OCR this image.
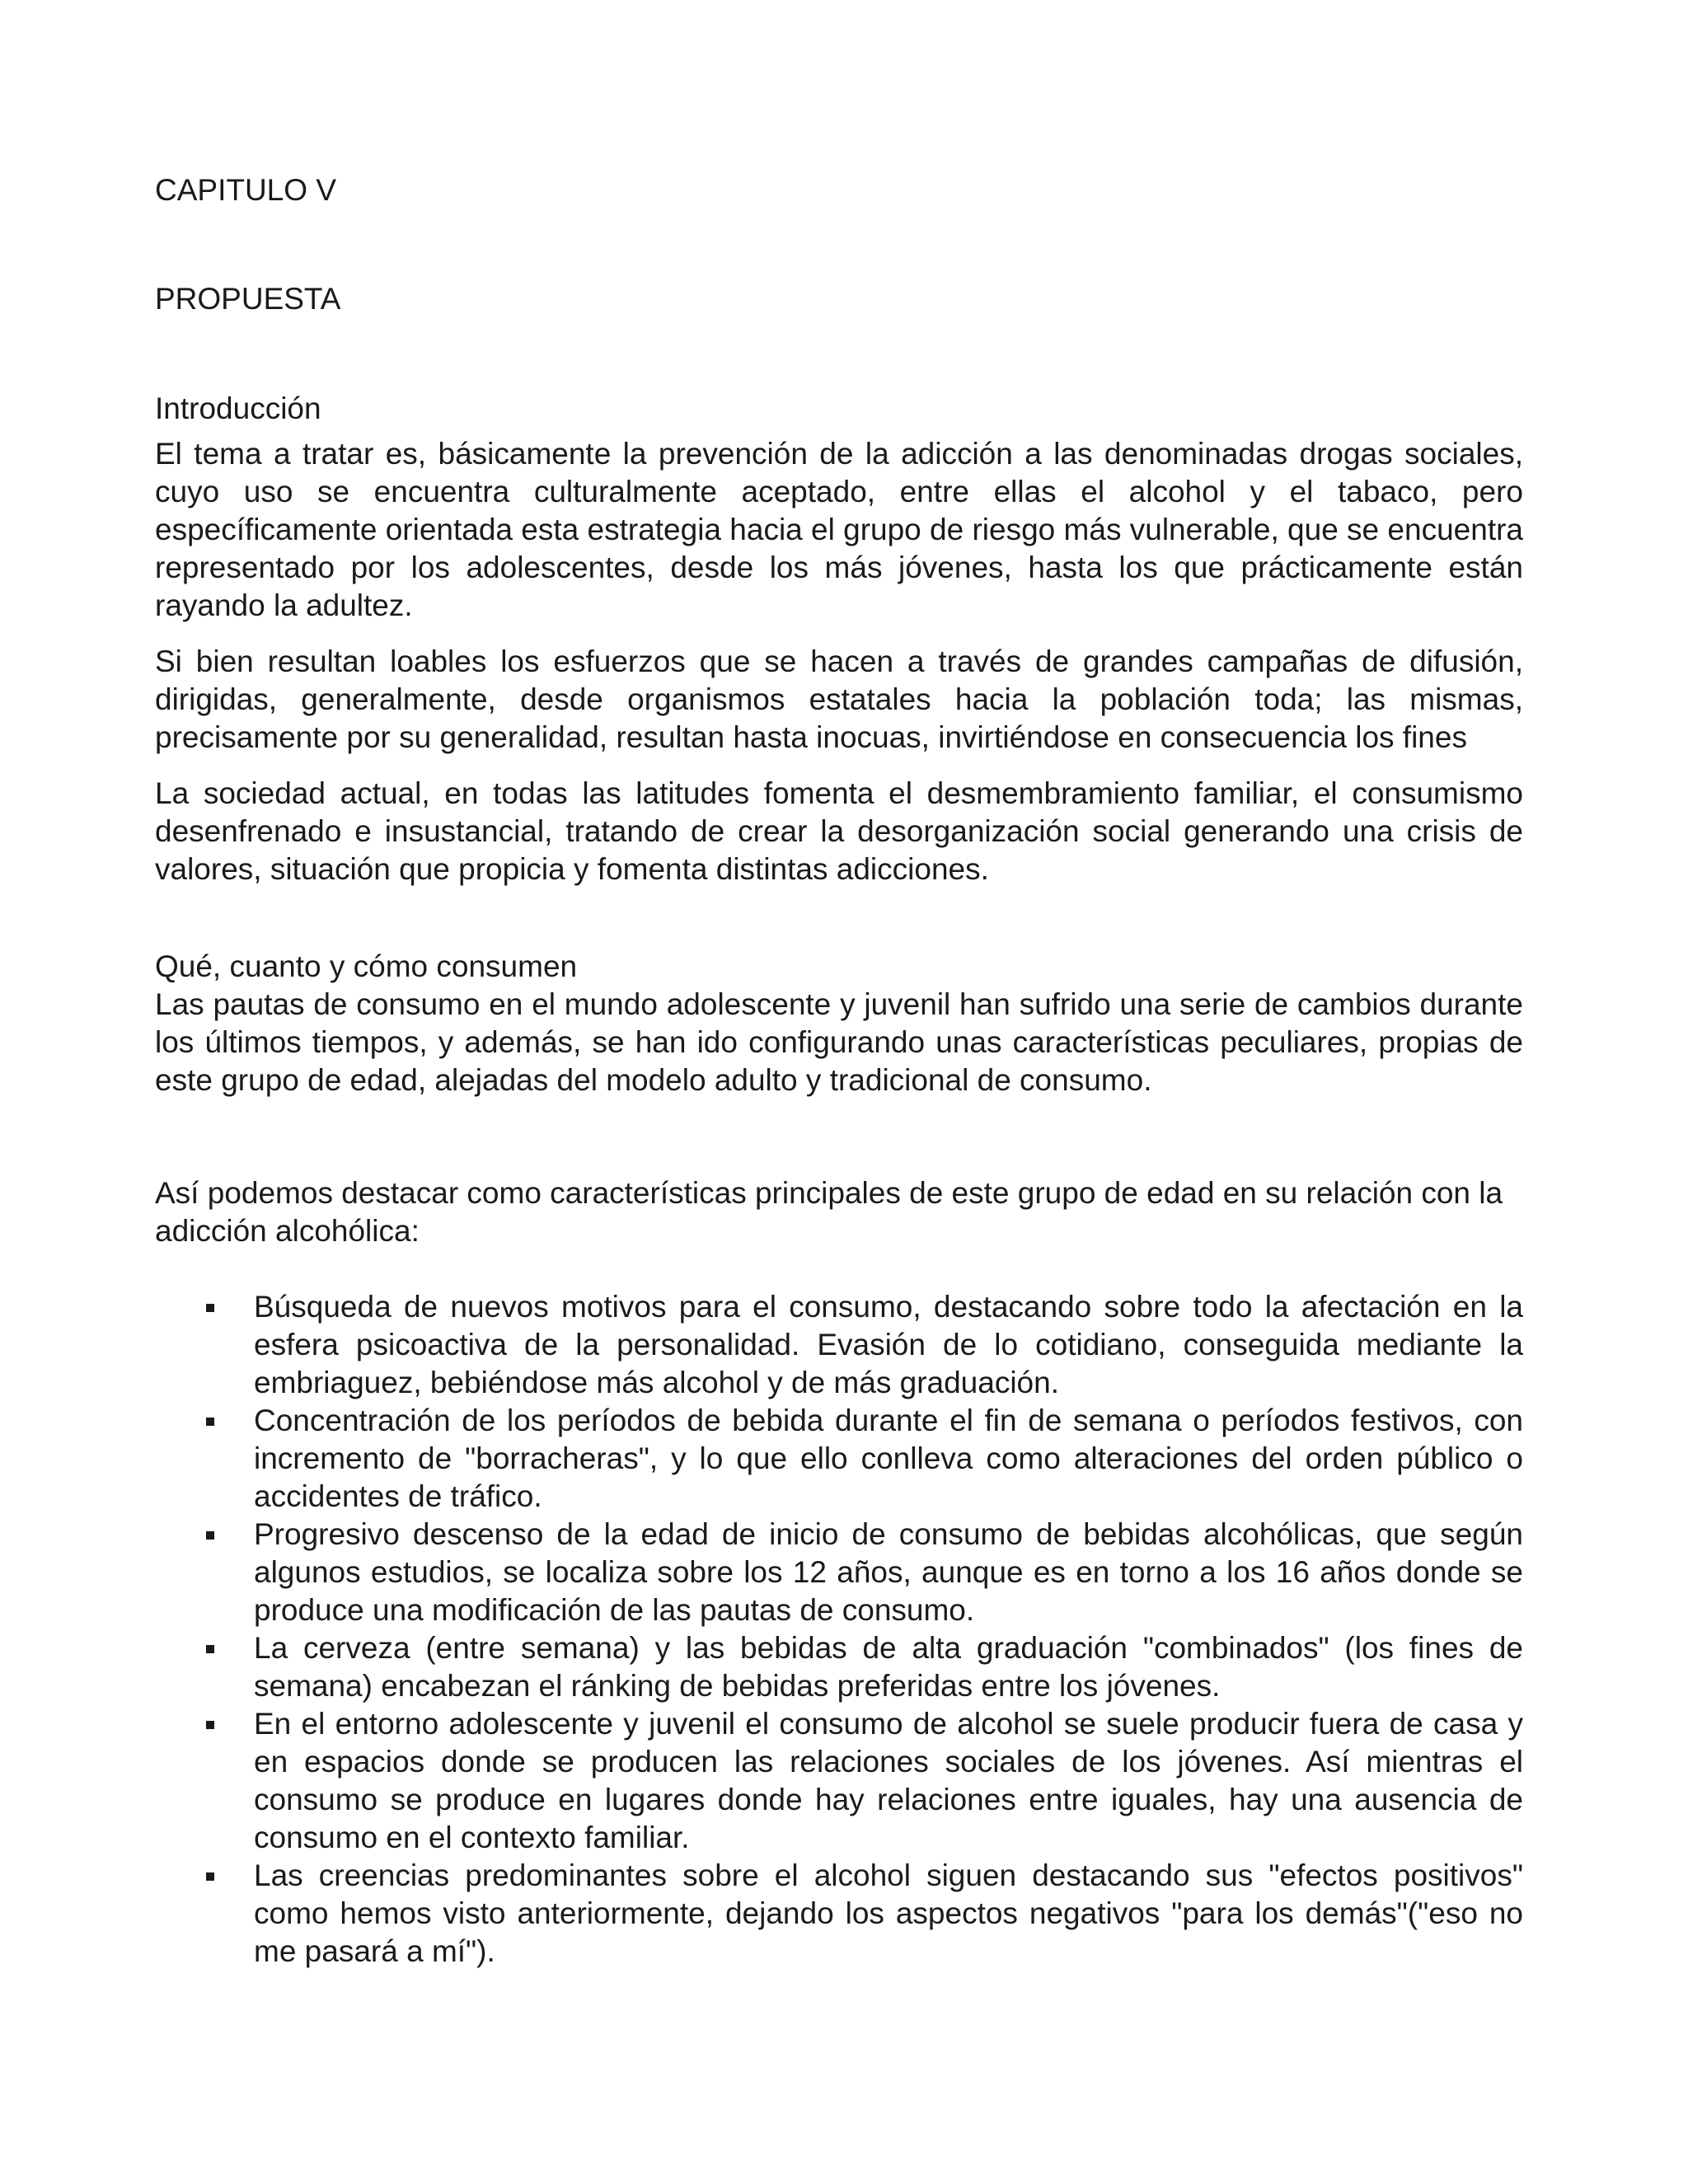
CAPITULO V
PROPUESTA
Introducción

El tema a tratar es, básicamente la prevención de la adicción a las denominadas drogas sociales, cuyo uso se encuentra culturalmente aceptado, entre ellas el alcohol y el tabaco, pero específicamente orientada esta estrategia hacia el grupo de riesgo más vulnerable, que se encuentra representado por los adolescentes, desde los más jóvenes, hasta los que prácticamente están rayando la adultez.

Si bien resultan loables los esfuerzos que se hacen a través de grandes campañas de difusión, dirigidas, generalmente, desde organismos estatales hacia la población toda; las mismas, precisamente por su generalidad, resultan hasta inocuas, invirtiéndose en consecuencia los fines

La sociedad actual, en todas las latitudes fomenta el desmembramiento familiar, el consumismo desenfrenado e insustancial, tratando de crear la desorganización social generando una crisis de valores, situación que propicia y fomenta distintas adicciones.

Qué, cuanto y cómo consumen

Las pautas de consumo en el mundo adolescente y juvenil han sufrido una serie de cambios durante los últimos tiempos, y además, se han ido configurando unas características peculiares, propias de este grupo de edad, alejadas del modelo adulto y tradicional de consumo.

Así podemos destacar como características principales de este grupo de edad en su relación con la adicción alcohólica:

Búsqueda de nuevos motivos para el consumo, destacando sobre todo la afectación en la esfera psicoactiva de la personalidad. Evasión de lo cotidiano, conseguida mediante la embriaguez, bebiéndose más alcohol y de más graduación.
Concentración de los períodos de bebida durante el fin de semana o períodos festivos, con incremento de "borracheras", y lo que ello conlleva como alteraciones del orden público o accidentes de tráfico.
Progresivo descenso de la edad de inicio de consumo de bebidas alcohólicas, que según algunos estudios, se localiza sobre los 12 años, aunque es en torno a los 16 años donde se produce una modificación de las pautas de consumo.
La cerveza (entre semana) y las bebidas de alta graduación "combinados" (los fines de semana) encabezan el ránking de bebidas preferidas entre los jóvenes.
En el entorno adolescente y juvenil el consumo de alcohol se suele producir fuera de casa y en espacios donde se producen las relaciones sociales de los jóvenes. Así mientras el consumo se produce en lugares donde hay relaciones entre iguales, hay una ausencia de consumo en el contexto familiar.
Las creencias predominantes sobre el alcohol siguen destacando sus "efectos positivos" como hemos visto anteriormente, dejando los aspectos negativos "para los demás"("eso no me pasará a mí").
